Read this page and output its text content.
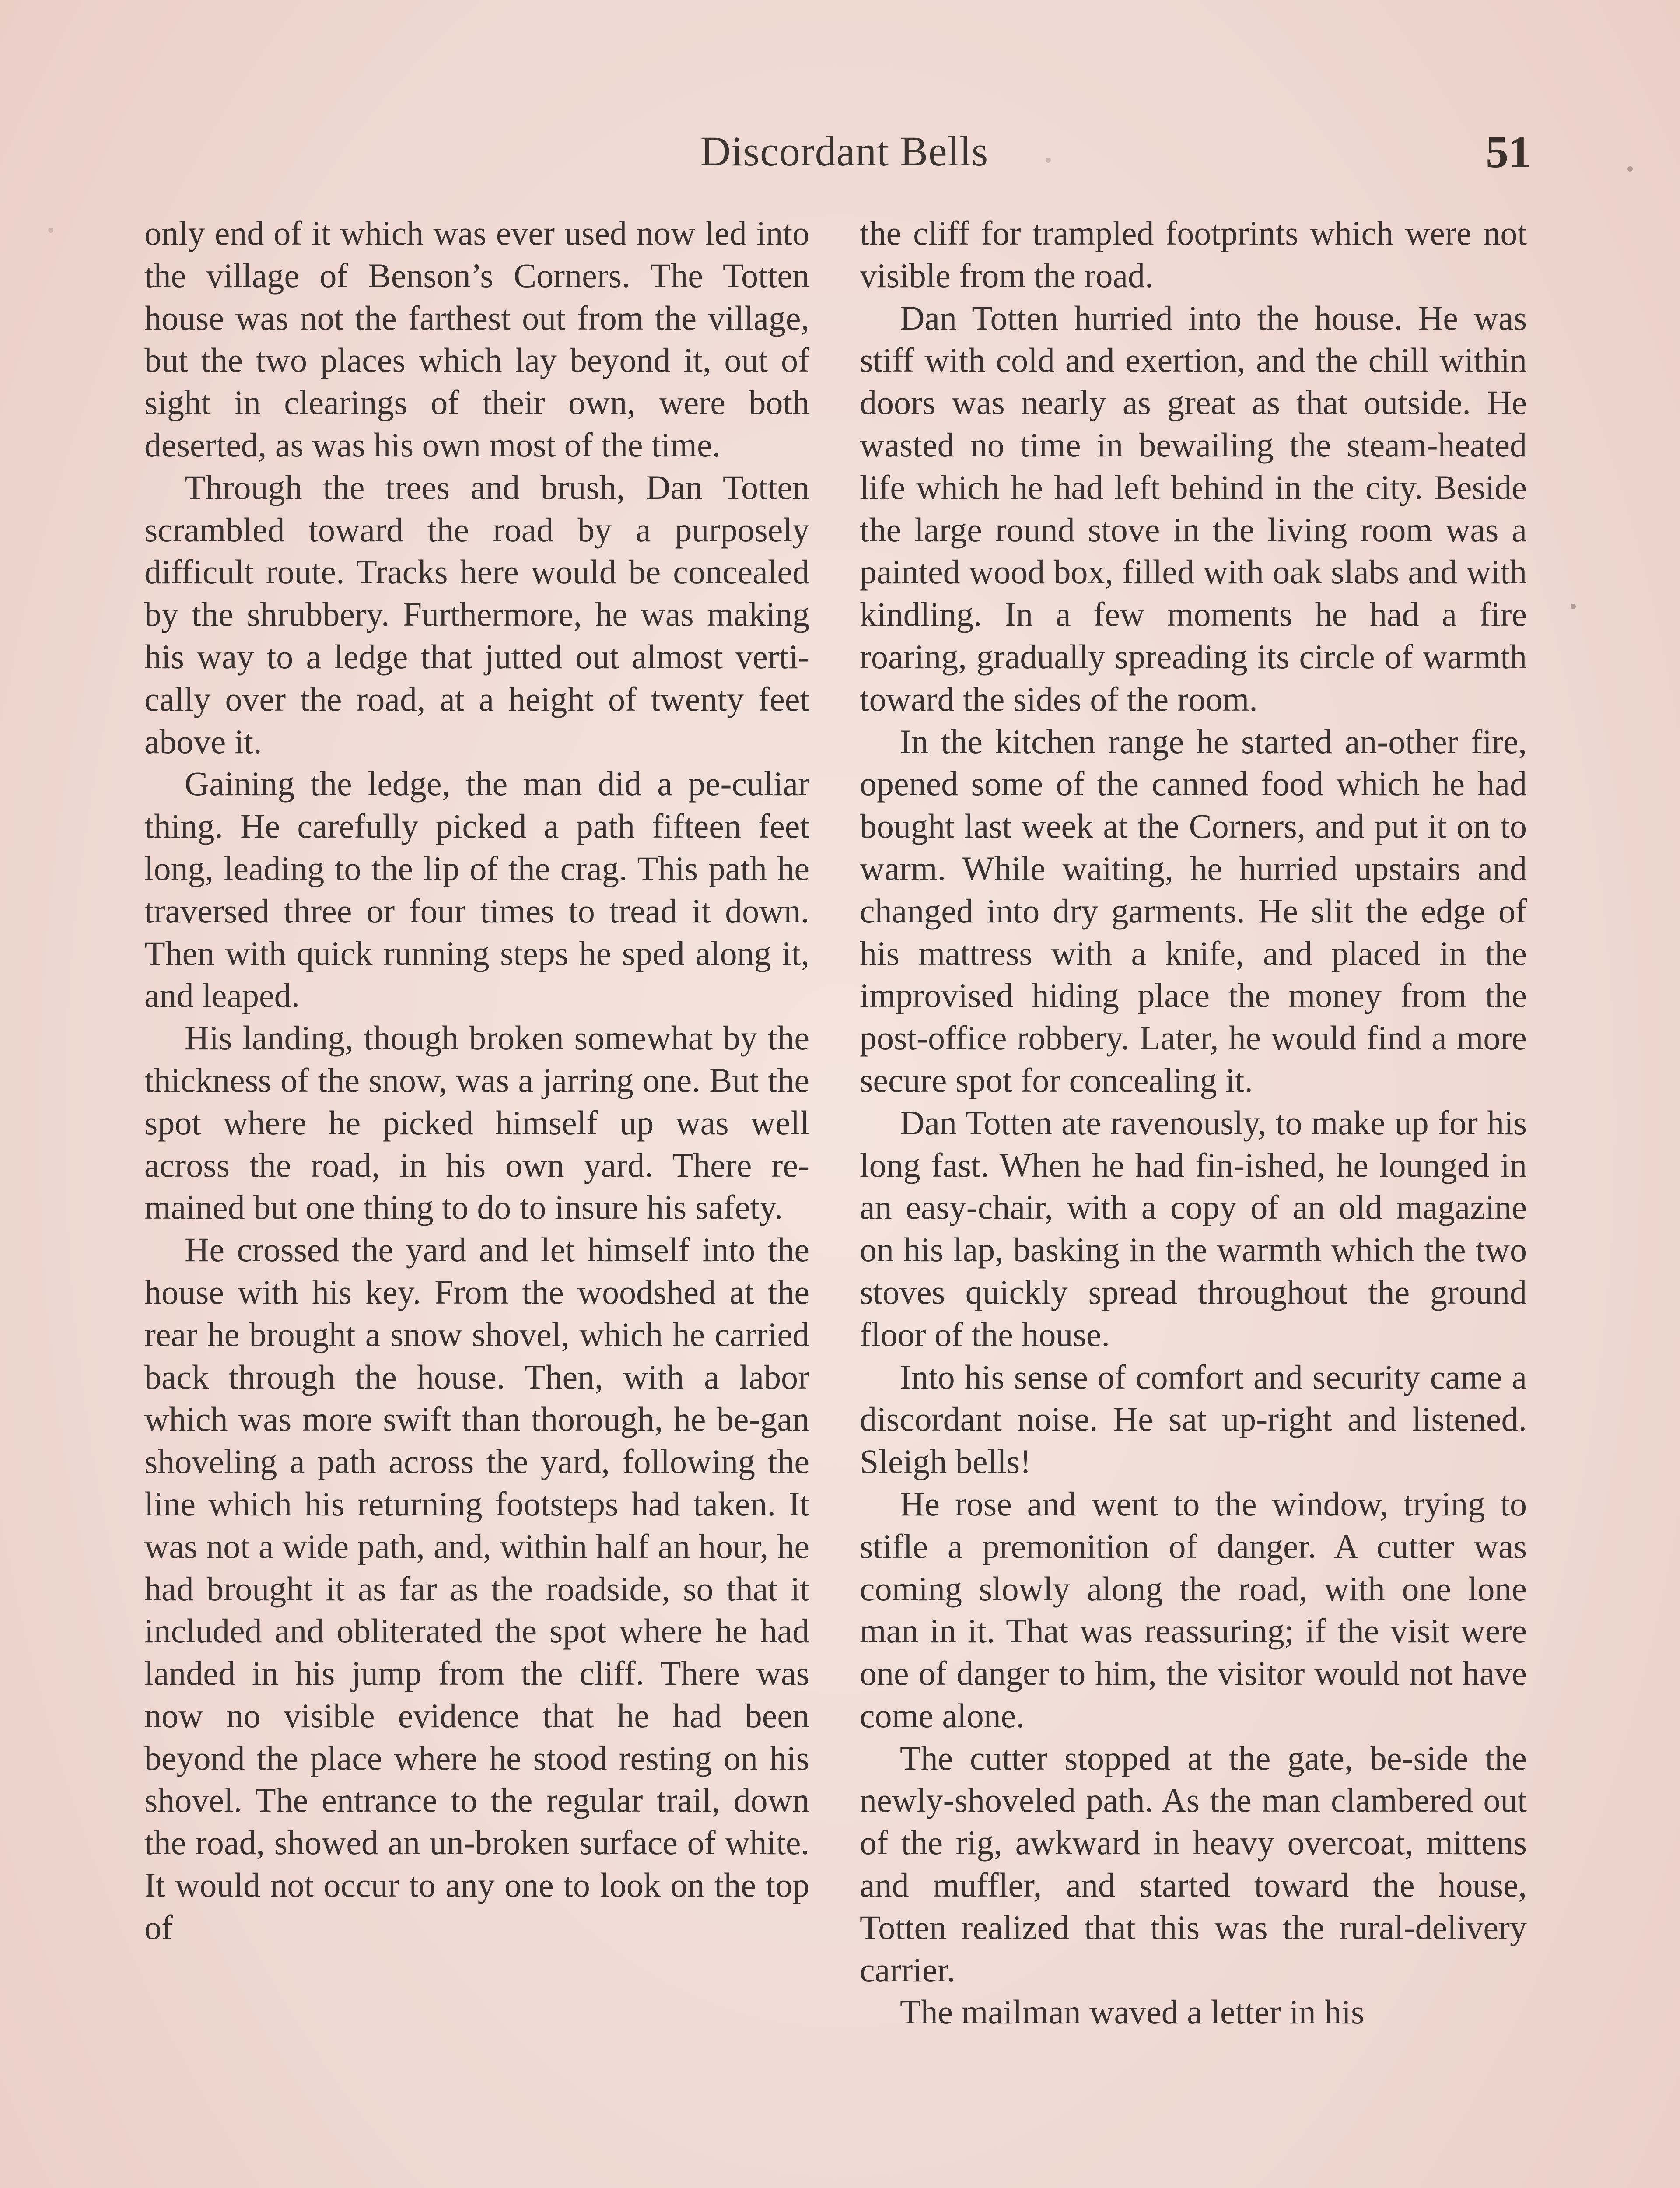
Discordant Bells	51

only end of it which was ever used now led into the village of Benson’s Corners. The Totten house was not the farthest out from the village, but the two places which lay beyond it, out of sight in clearings of their own, were both deserted, as was his own most of the time.

Through the trees and brush, Dan Totten scrambled toward the road by a purposely difficult route. Tracks here would be concealed by the shrubbery. Furthermore, he was making his way to a ledge that jutted out almost verti-cally over the road, at a height of twenty feet above it.

Gaining the ledge, the man did a pe-culiar thing. He carefully picked a path fifteen feet long, leading to the lip of the crag. This path he traversed three or four times to tread it down. Then with quick running steps he sped along it, and leaped.

His landing, though broken somewhat by the thickness of the snow, was a jarring one. But the spot where he picked himself up was well across the road, in his own yard. There re-mained but one thing to do to insure his safety.

He crossed the yard and let himself into the house with his key. From the woodshed at the rear he brought a snow shovel, which he carried back through the house. Then, with a labor which was more swift than thorough, he be-gan shoveling a path across the yard, following the line which his returning footsteps had taken. It was not a wide path, and, within half an hour, he had brought it as far as the roadside, so that it included and obliterated the spot where he had landed in his jump from the cliff. There was now no visible evidence that he had been beyond the place where he stood resting on his shovel. The entrance to the regular trail, down the road, showed an un-broken surface of white. It would not occur to any one to look on the top of

the cliff for trampled footprints which were not visible from the road.

Dan Totten hurried into the house. He was stiff with cold and exertion, and the chill within doors was nearly as great as that outside. He wasted no time in bewailing the steam-heated life which he had left behind in the city. Beside the large round stove in the living room was a painted wood box, filled with oak slabs and with kindling. In a few moments he had a fire roaring, gradually spreading its circle of warmth toward the sides of the room.

In the kitchen range he started an-other fire, opened some of the canned food which he had bought last week at the Corners, and put it on to warm. While waiting, he hurried upstairs and changed into dry garments. He slit the edge of his mattress with a knife, and placed in the improvised hiding place the money from the post-office robbery. Later, he would find a more secure spot for concealing it.

Dan Totten ate ravenously, to make up for his long fast. When he had fin-ished, he lounged in an easy-chair, with a copy of an old magazine on his lap, basking in the warmth which the two stoves quickly spread throughout the ground floor of the house.

Into his sense of comfort and security came a discordant noise. He sat up-right and listened. Sleigh bells!

He rose and went to the window, trying to stifle a premonition of danger. A cutter was coming slowly along the road, with one lone man in it. That was reassuring; if the visit were one of danger to him, the visitor would not have come alone.

The cutter stopped at the gate, be-side the newly-shoveled path. As the man clambered out of the rig, awkward in heavy overcoat, mittens and muffler, and started toward the house, Totten realized that this was the rural-delivery carrier.

The mailman waved a letter in his
